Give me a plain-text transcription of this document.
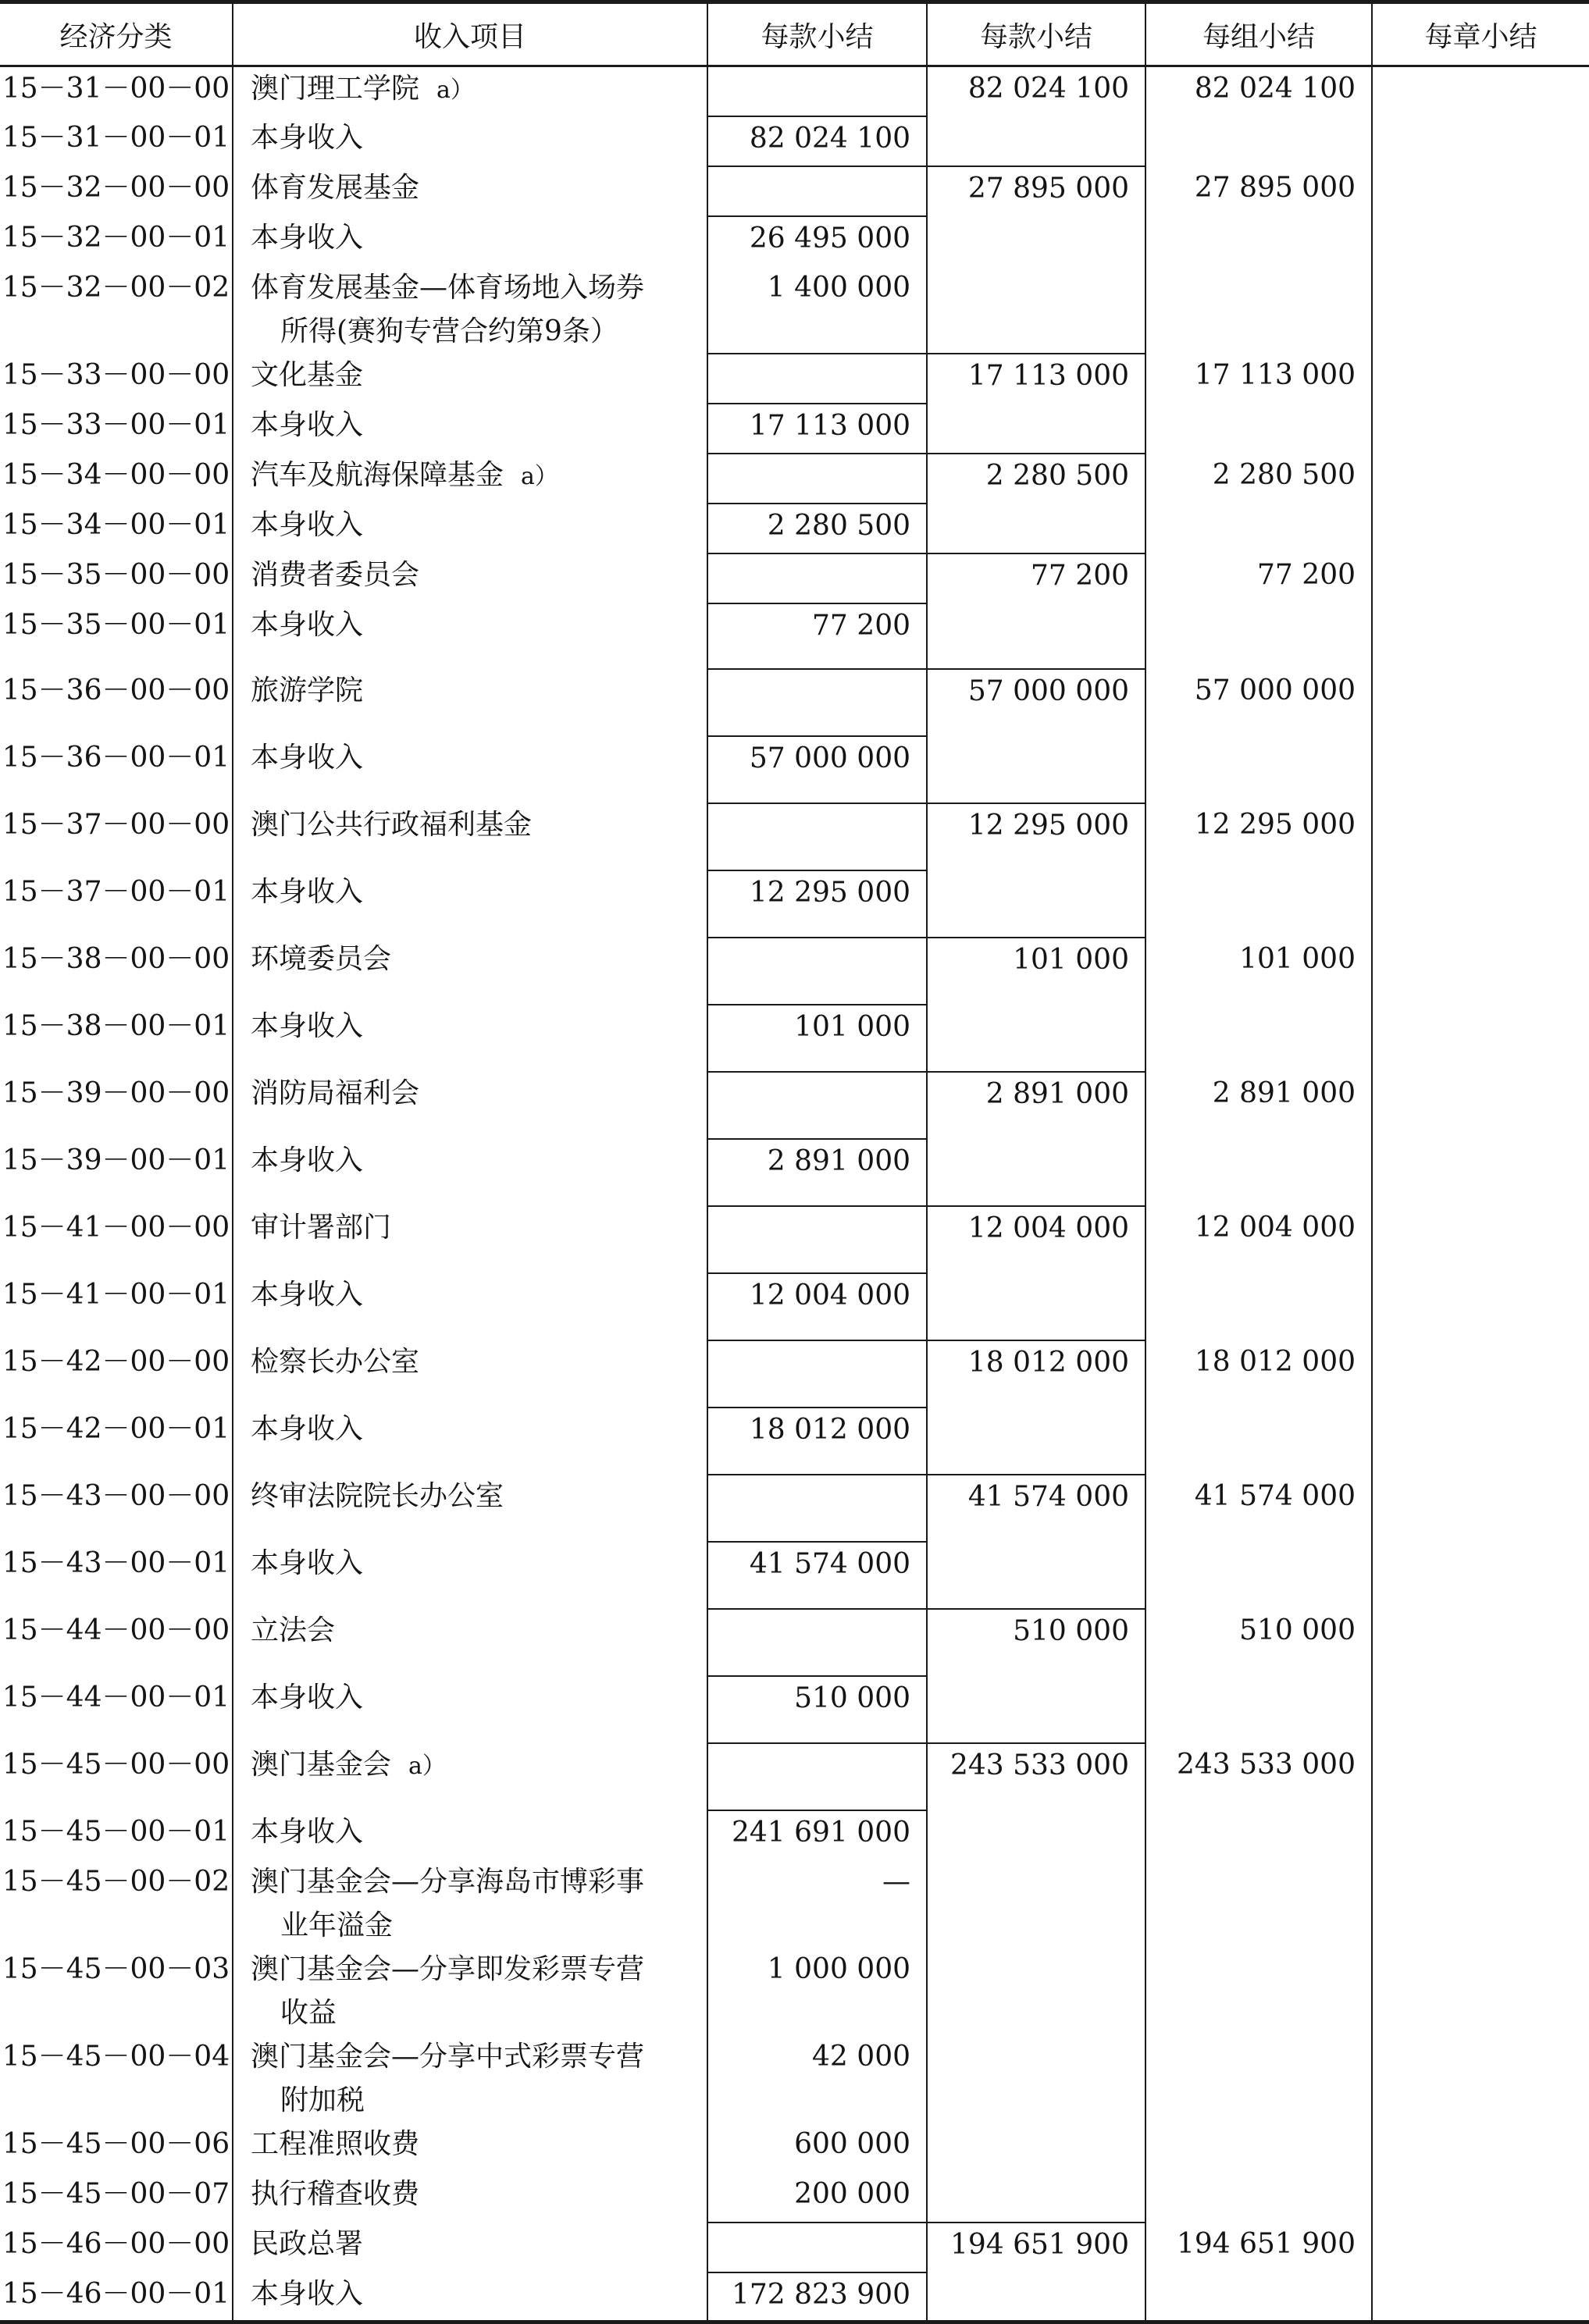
经济分类	收入项目	每款小结	每款小结	每组小结	每章小结
15－31－00－00	澳门理工学院 a）		82 024 100	82 024 100	
15－31－00－01	本身收入	82 024 100			
15－32－00－00	体育发展基金		27 895 000	27 895 000	
15－32－00－01	本身收入	26 495 000			
15－32－00－02	体育发展基金—体育场地入场券
所得(赛狗专营合约第9条）	1 400 000			
15－33－00－00	文化基金		17 113 000	17 113 000	
15－33－00－01	本身收入	17 113 000			
15－34－00－00	汽车及航海保障基金 a）		2 280 500	2 280 500	
15－34－00－01	本身收入	2 280 500			
15－35－00－00	消费者委员会		77 200	77 200	
15－35－00－01	本身收入	77 200			
15－36－00－00	旅游学院		57 000 000	57 000 000	
15－36－00－01	本身收入	57 000 000			
15－37－00－00	澳门公共行政福利基金		12 295 000	12 295 000	
15－37－00－01	本身收入	12 295 000			
15－38－00－00	环境委员会		101 000	101 000	
15－38－00－01	本身收入	101 000			
15－39－00－00	消防局福利会		2 891 000	2 891 000	
15－39－00－01	本身收入	2 891 000			
15－41－00－00	审计署部门		12 004 000	12 004 000	
15－41－00－01	本身收入	12 004 000			
15－42－00－00	检察长办公室		18 012 000	18 012 000	
15－42－00－01	本身收入	18 012 000			
15－43－00－00	终审法院院长办公室		41 574 000	41 574 000	
15－43－00－01	本身收入	41 574 000			
15－44－00－00	立法会		510 000	510 000	
15－44－00－01	本身收入	510 000			
15－45－00－00	澳门基金会 a）		243 533 000	243 533 000	
15－45－00－01	本身收入	241 691 000			
15－45－00－02	澳门基金会—分享海岛市博彩事
业年溢金	—			
15－45－00－03	澳门基金会—分享即发彩票专营
收益	1 000 000			
15－45－00－04	澳门基金会—分享中式彩票专营
附加税	42 000			
15－45－00－06	工程准照收费	600 000			
15－45－00－07	执行稽查收费	200 000			
15－46－00－00	民政总署		194 651 900	194 651 900	
15－46－00－01	本身收入	172 823 900			
